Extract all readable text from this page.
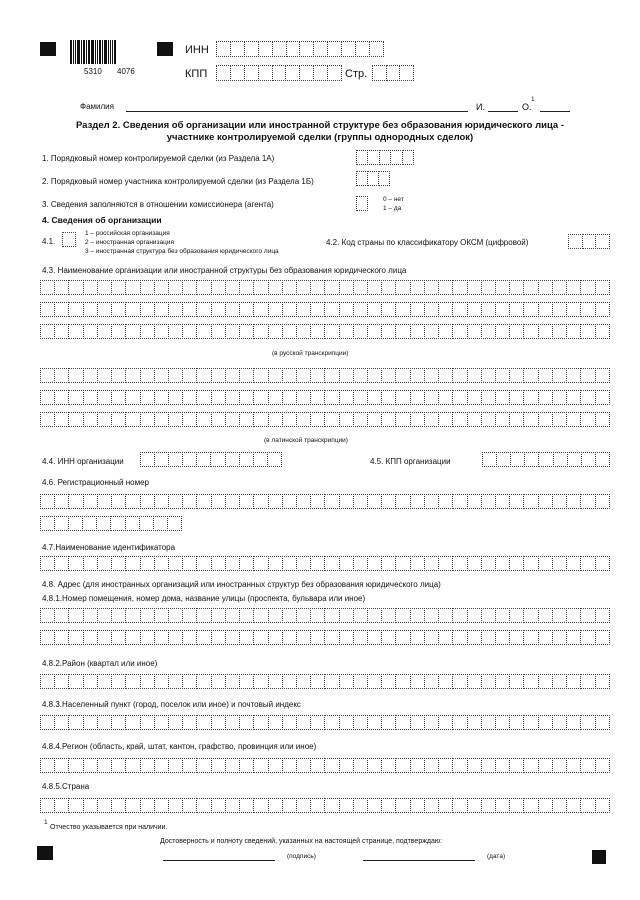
5310 4076
ИНН
КПП	Стр.
Фамилия	И.	О.
1
Раздел 2. Сведения об организации или иностранной структуре без образования юридического лица -
участнике контролируемой сделки (группы однородных сделок)
1. Порядковый номер контролируемой сделки (из Раздела 1А)
2. Порядковый номер участника контролируемой сделки (из Раздела 1Б)
3. Сведения заполняются в отношении комиссионера (агента)
0 – нет
1 – да
4. Сведения об организации
4.1.
1 – российская организация
2 – иностранная организация
3 – иностранная структура без образования юридического лица
4.2. Код страны по классификатору ОКСМ (цифровой)
4.3. Наименование организации или иностранной структуры без образования юридического лица
(в русской транскрипции)
(в латинской транскрипции)
4.4. ИНН организации	4.5. КПП организации
4.6. Регистрационный номер
4.7.Наименование идентификатора
4.8. Адрес (для иностранных организаций или иностранных структур без образования юридического лица)
4.8.1.Номер помещения, номер дома, название улицы (проспекта, бульвара или иное)
4.8.2.Район (квартал или иное)
4.8.3.Населенный пункт (город, поселок или иное) и почтовый индекс
4.8.4.Регион (область, край, штат, кантон, графство, провинция или иное)
4.8.5.Страна
1
Отчество указывается при наличии.
Достоверность и полноту сведений, указанных на настоящей странице, подтверждаю:
(подпись)	(дата)
